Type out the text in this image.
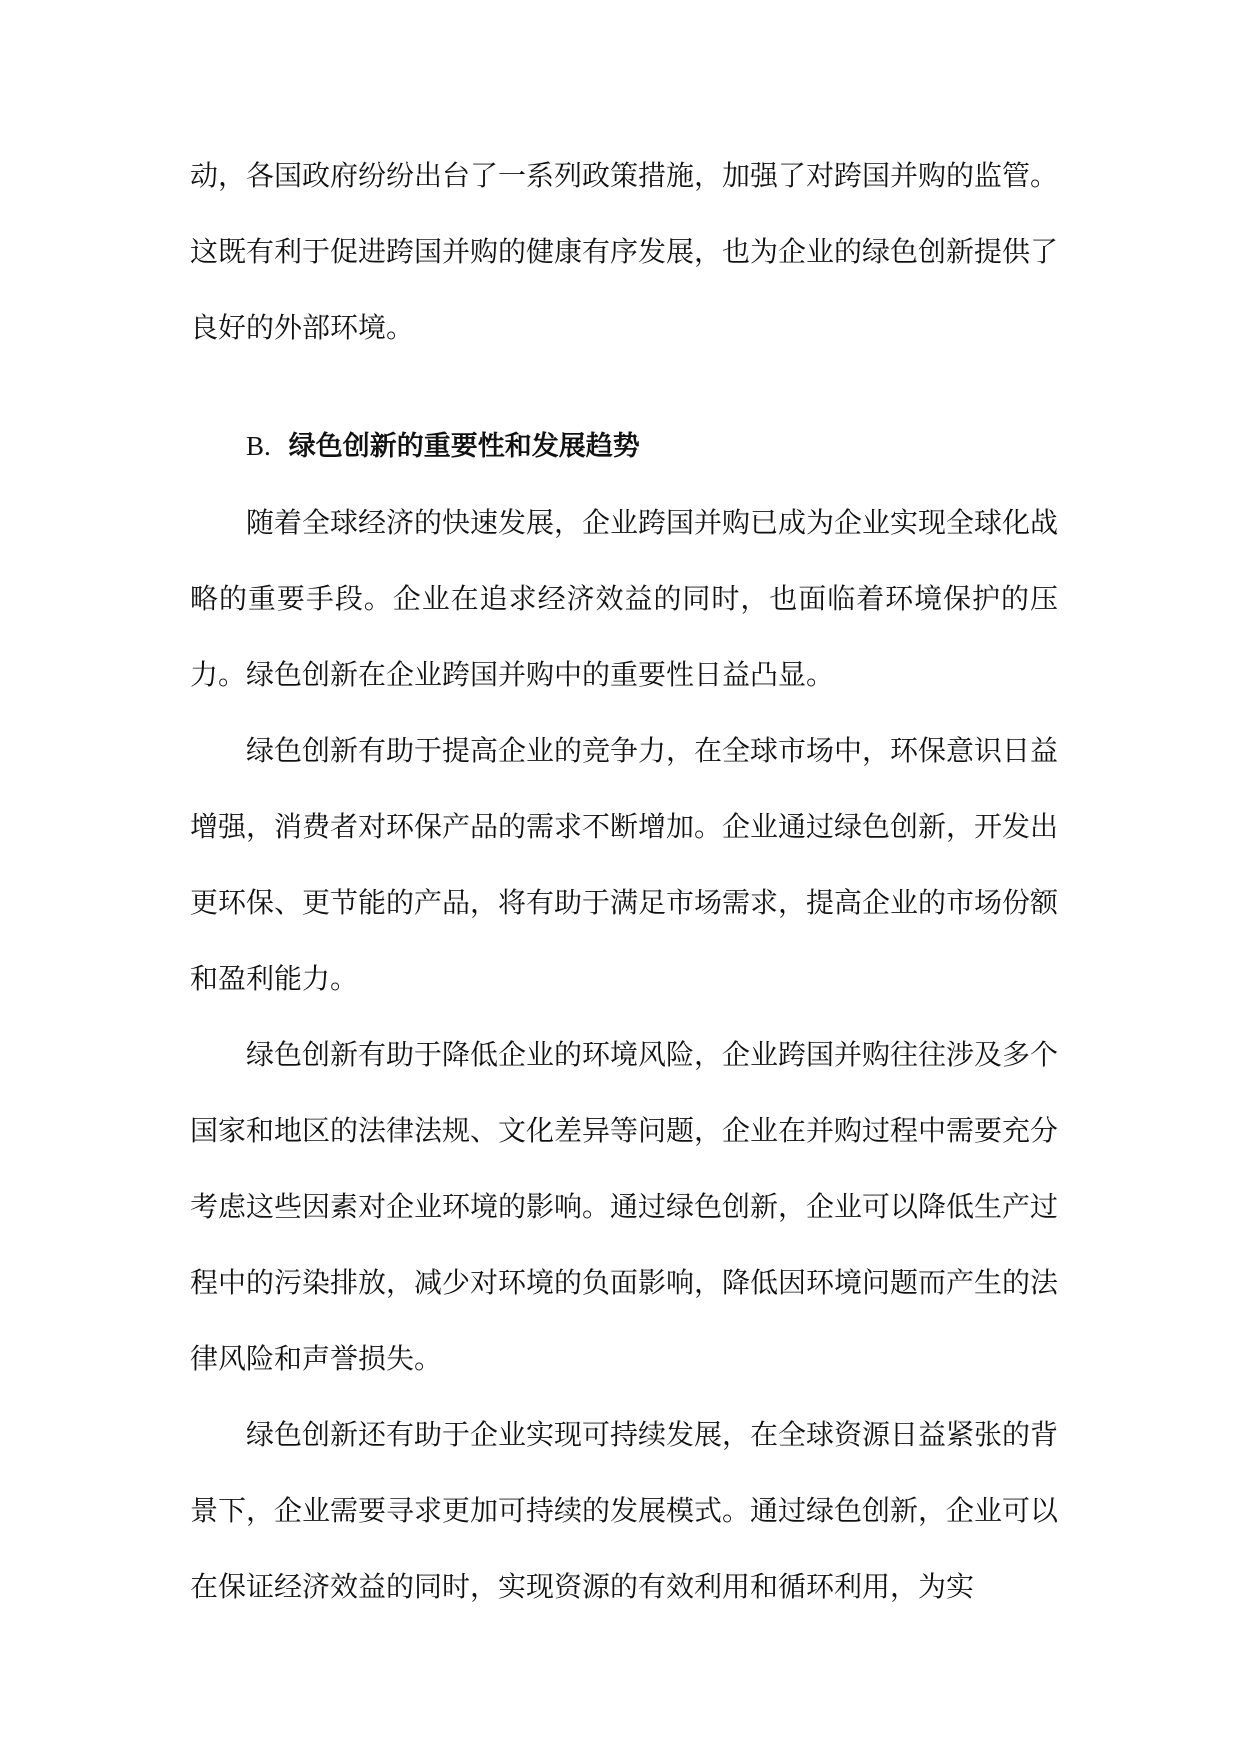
动，各国政府纷纷出台了一系列政策措施，加强了对跨国并购的监管。这既有利于促进跨国并购的健康有序发展，也为企业的绿色创新提供了良好的外部环境。

B. 绿色创新的重要性和发展趋势

随着全球经济的快速发展，企业跨国并购已成为企业实现全球化战略的重要手段。企业在追求经济效益的同时，也面临着环境保护的压力。绿色创新在企业跨国并购中的重要性日益凸显。

绿色创新有助于提高企业的竞争力，在全球市场中，环保意识日益增强，消费者对环保产品的需求不断增加。企业通过绿色创新，开发出更环保、更节能的产品，将有助于满足市场需求，提高企业的市场份额和盈利能力。

绿色创新有助于降低企业的环境风险，企业跨国并购往往涉及多个国家和地区的法律法规、文化差异等问题，企业在并购过程中需要充分考虑这些因素对企业环境的影响。通过绿色创新，企业可以降低生产过程中的污染排放，减少对环境的负面影响，降低因环境问题而产生的法律风险和声誉损失。

绿色创新还有助于企业实现可持续发展，在全球资源日益紧张的背景下，企业需要寻求更加可持续的发展模式。通过绿色创新，企业可以在保证经济效益的同时，实现资源的有效利用和循环利用，为实
